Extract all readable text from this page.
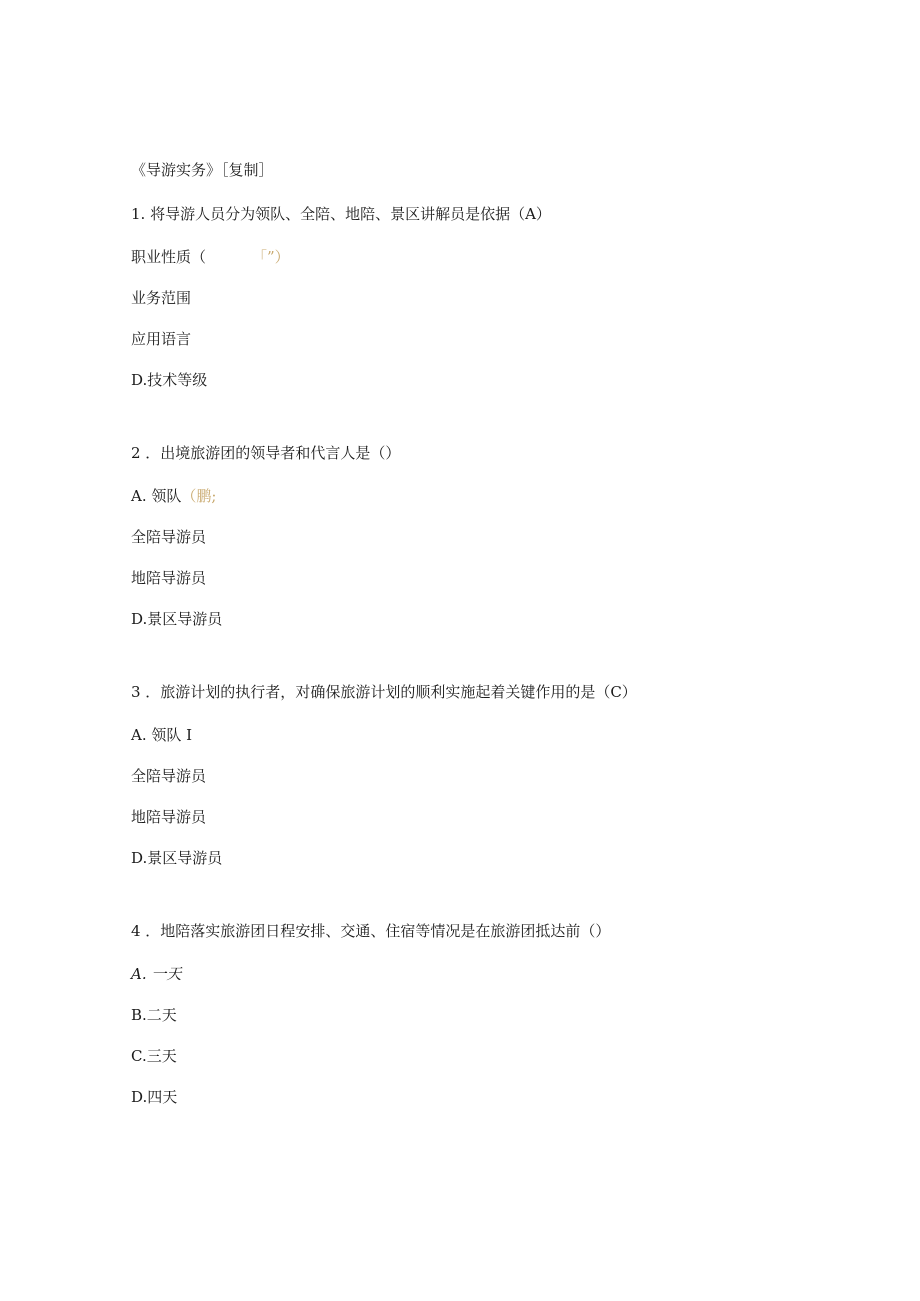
《导游实务》［复制］
1. 将导游人员分为领队、全陪、地陪、景区讲解员是依据（A）
职业性质（	「”）
业务范围
应用语言
D.技术等级
2 ．出境旅游团的领导者和代言人是（）
A. 领队（鹏;
全陪导游员
地陪导游员
D.景区导游员
3 ．旅游计划的执行者，对确保旅游计划的顺利实施起着关键作用的是（C）
A. 领队 I
全陪导游员
地陪导游员
D.景区导游员
4 ．地陪落实旅游团日程安排、交通、住宿等情况是在旅游团抵达前（）
A. 一天
B.二天
C.三天
D.四天
